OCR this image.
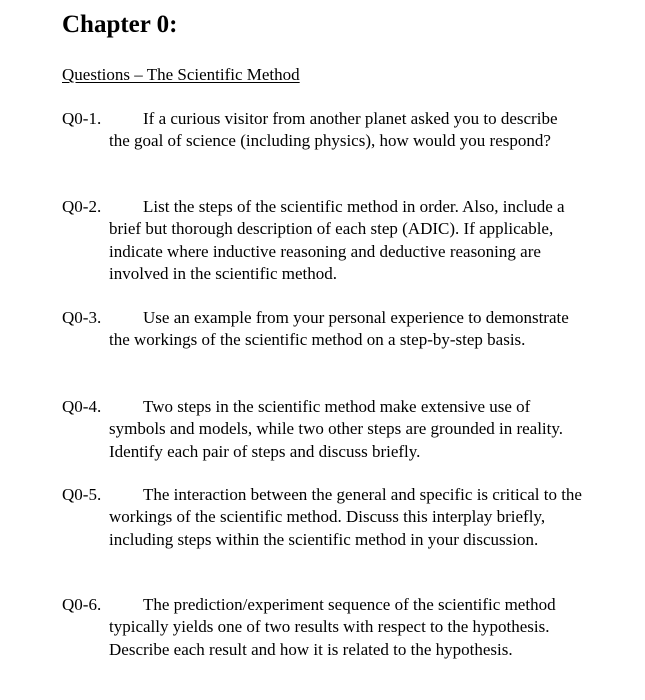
Chapter 0:
Questions – The Scientific Method
Q0-1.	If a curious visitor from another planet asked you to describe the goal of science (including physics), how would you respond?
Q0-2.	List the steps of the scientific method in order. Also, include a brief but thorough description of each step (ADIC). If applicable, indicate where inductive reasoning and deductive reasoning are involved in the scientific method.
Q0-3.	Use an example from your personal experience to demonstrate the workings of the scientific method on a step-by-step basis.
Q0-4.	Two steps in the scientific method make extensive use of symbols and models, while two other steps are grounded in reality. Identify each pair of steps and discuss briefly.
Q0-5.	The interaction between the general and specific is critical to the workings of the scientific method. Discuss this interplay briefly, including steps within the scientific method in your discussion.
Q0-6.	The prediction/experiment sequence of the scientific method typically yields one of two results with respect to the hypothesis. Describe each result and how it is related to the hypothesis.
